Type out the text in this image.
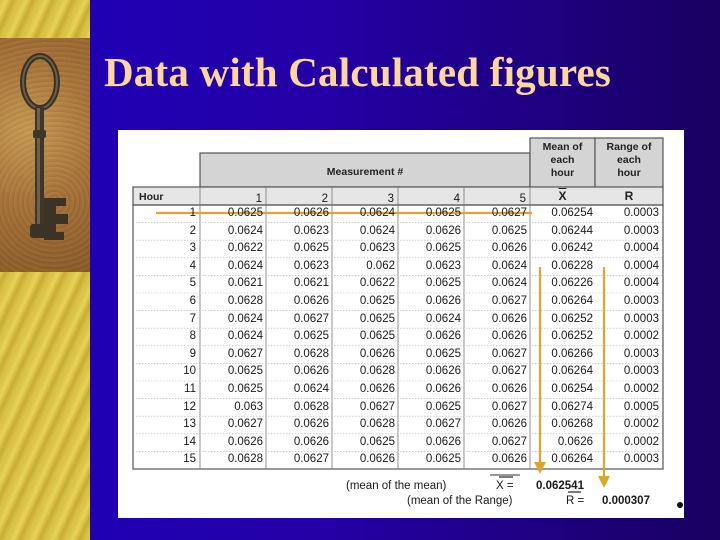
Data with Calculated figures
Measurement #
Mean of
each
hour
Range of
each
hour
Hour	1	2	3	4	5	$\overline{X}$	R
1	0.0625	0.0626	0.0624	0.0625	0.0627	0.06254	0.0003
2	0.0624	0.0623	0.0624	0.0626	0.0625	0.06244	0.0003
3	0.0622	0.0625	0.0623	0.0625	0.0626	0.06242	0.0004
4	0.0624	0.0623	0.062	0.0623	0.0624	0.06228	0.0004
5	0.0621	0.0621	0.0622	0.0625	0.0624	0.06226	0.0004
6	0.0628	0.0626	0.0625	0.0626	0.0627	0.06264	0.0003
7	0.0624	0.0627	0.0625	0.0624	0.0626	0.06252	0.0003
8	0.0624	0.0625	0.0625	0.0626	0.0626	0.06252	0.0002
9	0.0627	0.0628	0.0626	0.0625	0.0627	0.06266	0.0003
10	0.0625	0.0626	0.0628	0.0626	0.0627	0.06264	0.0003
11	0.0625	0.0624	0.0626	0.0626	0.0626	0.06254	0.0002
12	0.063	0.0628	0.0627	0.0625	0.0627	0.06274	0.0005
13	0.0627	0.0626	0.0628	0.0627	0.0626	0.06268	0.0002
14	0.0626	0.0626	0.0625	0.0626	0.0627	0.0626	0.0002
15	0.0628	0.0627	0.0626	0.0625	0.0626	0.06264	0.0003
(mean of the mean)	X = 0.062541
(mean of the Range)	R = 0.000307
